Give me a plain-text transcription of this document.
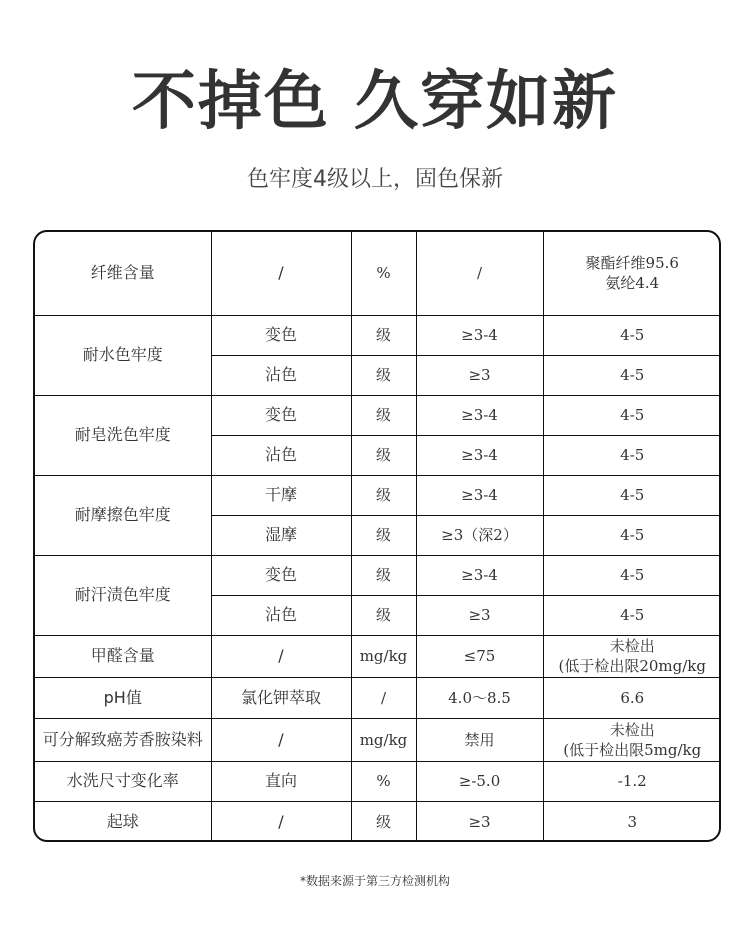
不掉色 久穿如新

色牢度4级以上，固色保新

纤维含量	/	%	/	聚酯纤维95.6
氨纶4.4

耐水色牢度	变色	级	≥3-4	4-5
	沾色	级	≥3	4-5
耐皂洗色牢度	变色	级	≥3-4	4-5
	沾色	级	≥3-4	4-5
耐摩擦色牢度	干摩	级	≥3-4	4-5
	湿摩	级	≥3（深2）	4-5
耐汗渍色牢度	变色	级	≥3-4	4-5
	沾色	级	≥3	4-5
甲醛含量	/	mg/kg	≤75	未检出
(低于检出限20mg/kg

pH值	氯化钾萃取	/	4.0～8.5	6.6
可分解致癌芳香胺染料	/	mg/kg	禁用	未检出
(低于检出限5mg/kg

水洗尺寸变化率	直向	%	≥-5.0	-1.2
起球	/	级	≥3	3

*数据来源于第三方检测机构
